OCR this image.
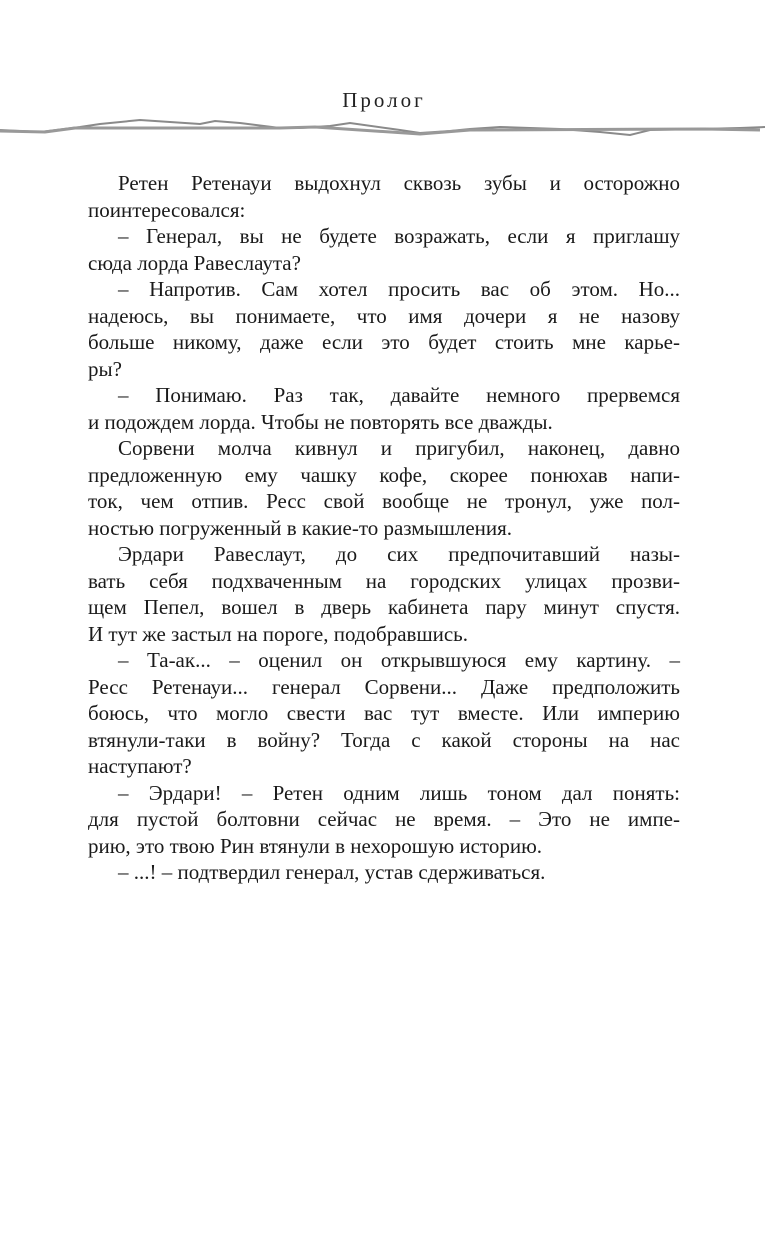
Пролог
Ретен Ретенауи выдохнул сквозь зубы и осторожно
поинтересовался:
– Генерал, вы не будете возражать, если я приглашу
сюда лорда Равеслаута?
– Напротив. Сам хотел просить вас об этом. Но...
надеюсь, вы понимаете, что имя дочери я не назову
больше никому, даже если это будет стоить мне карье-
ры?
– Понимаю. Раз так, давайте немного прервемся
и подождем лорда. Чтобы не повторять все дважды.
Сорвени молча кивнул и пригубил, наконец, давно
предложенную ему чашку кофе, скорее понюхав напи-
ток, чем отпив. Ресс свой вообще не тронул, уже пол-
ностью погруженный в какие-то размышления.
Эрдари Равеслаут, до сих предпочитавший назы-
вать себя подхваченным на городских улицах прозви-
щем Пепел, вошел в дверь кабинета пару минут спустя.
И тут же застыл на пороге, подобравшись.
– Та-ак... – оценил он открывшуюся ему картину. –
Ресс Ретенауи... генерал Сорвени... Даже предположить
боюсь, что могло свести вас тут вместе. Или империю
втянули-таки в войну? Тогда с какой стороны на нас
наступают?
– Эрдари! – Ретен одним лишь тоном дал понять:
для пустой болтовни сейчас не время. – Это не импе-
рию, это твою Рин втянули в нехорошую историю.
– ...! – подтвердил генерал, устав сдерживаться.
